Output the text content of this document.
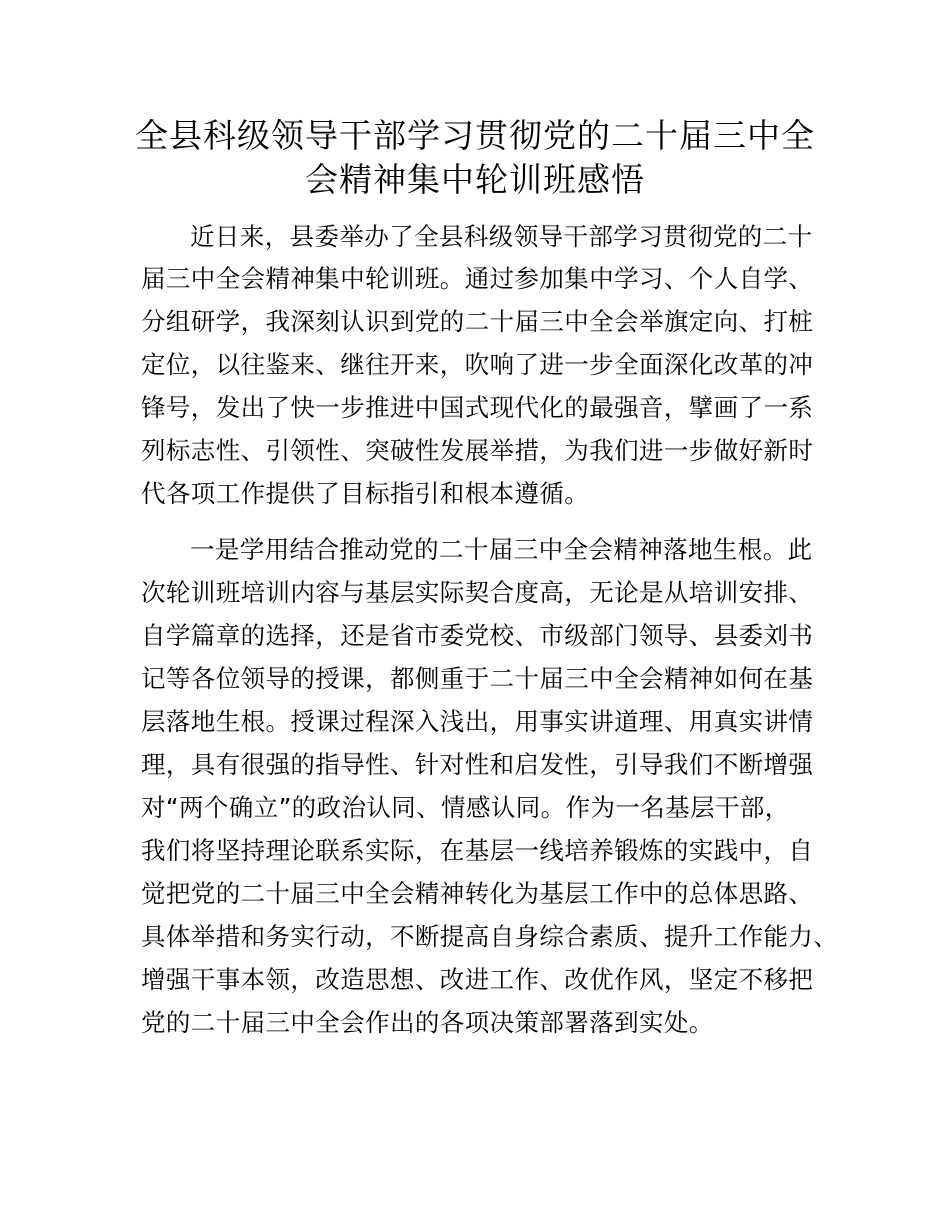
全县科级领导干部学习贯彻党的二十届三中全
会精神集中轮训班感悟
近日来，县委举办了全县科级领导干部学习贯彻党的二十
届三中全会精神集中轮训班。通过参加集中学习、个人自学、
分组研学，我深刻认识到党的二十届三中全会举旗定向、打桩
定位，以往鉴来、继往开来，吹响了进一步全面深化改革的冲
锋号，发出了快一步推进中国式现代化的最强音，擘画了一系
列标志性、引领性、突破性发展举措，为我们进一步做好新时
代各项工作提供了目标指引和根本遵循。
一是学用结合推动党的二十届三中全会精神落地生根。此
次轮训班培训内容与基层实际契合度高，无论是从培训安排、
自学篇章的选择，还是省市委党校、市级部门领导、县委刘书
记等各位领导的授课，都侧重于二十届三中全会精神如何在基
层落地生根。授课过程深入浅出，用事实讲道理、用真实讲情
理，具有很强的指导性、针对性和启发性，引导我们不断增强
对“两个确立”的政治认同、情感认同。作为一名基层干部，
我们将坚持理论联系实际，在基层一线培养锻炼的实践中，自
觉把党的二十届三中全会精神转化为基层工作中的总体思路、
具体举措和务实行动，不断提高自身综合素质、提升工作能力、
增强干事本领，改造思想、改进工作、改优作风，坚定不移把
党的二十届三中全会作出的各项决策部署落到实处。
